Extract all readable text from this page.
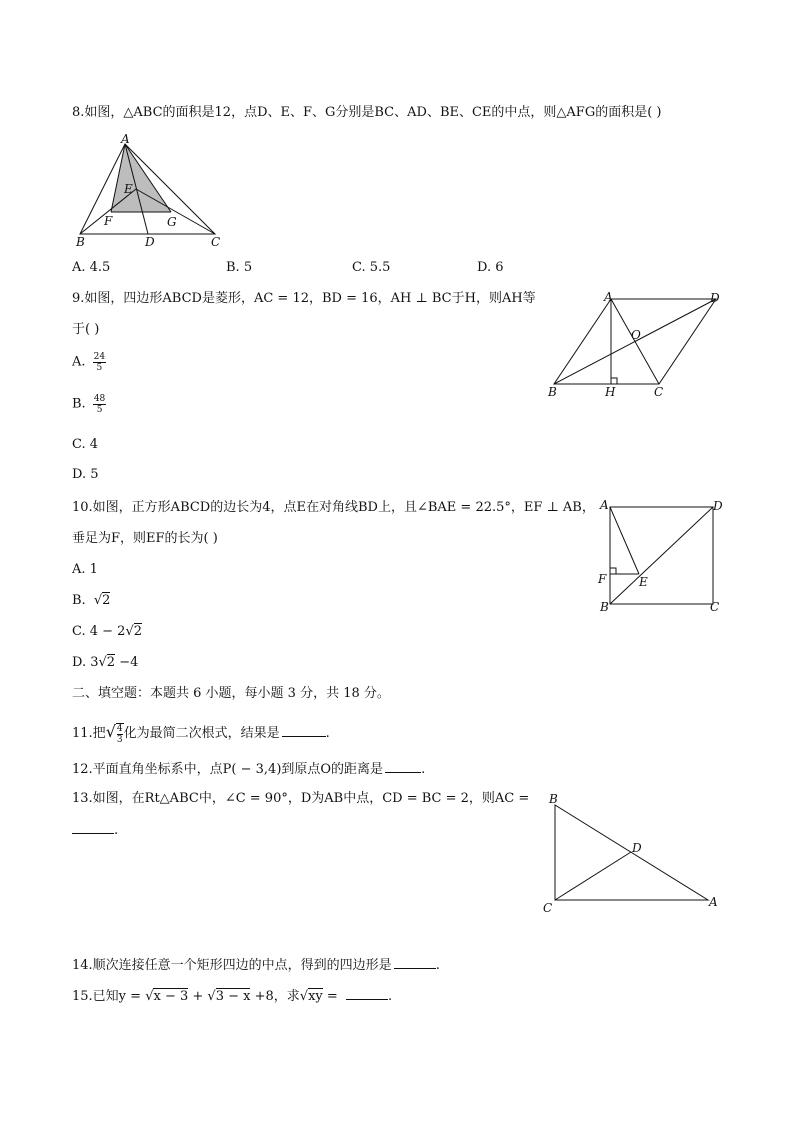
8.如图，△ABC的面积是12，点D、E、F、G分别是BC、AD、BE、CE的中点，则△AFG的面积是( )
A
B	C
D
E
F	G
A. 4.5	B. 5	C. 5.5	D. 6
9.如图，四边形ABCD是菱形，AC = 12，BD = 16，AH ⊥ BC于H，则AH等
于( )
A. $\frac{24}{5}$
B. $\frac{48}{5}$
C. 4
D. 5
A	D
O
B	H	C
10.如图，正方形ABCD的边长为4，点E在对角线BD上，且∠BAE = 22.5°，EF ⊥ AB，
垂足为F，则EF的长为( )
A. 1
B. √2
C. 4 − 2√2
D. 3√2 −4
A	D
F	E
B	C
二、填空题：本题共 6 小题，每小题 3 分，共 18 分。
11.把√ $\frac{4}{3}$ 化为最简二次根式，结果是	.
12.平面直角坐标系中，点P( − 3,4)到原点O的距离是	.
13.如图，在Rt△ABC中，∠C = 90°，D为AB中点，CD = BC = 2，则AC =
.
B
D
C	A
14.顺次连接任意一个矩形四边的中点，得到的四边形是	.
15.已知y = √x − 3 + √3 − x +8，求√xy =	.
